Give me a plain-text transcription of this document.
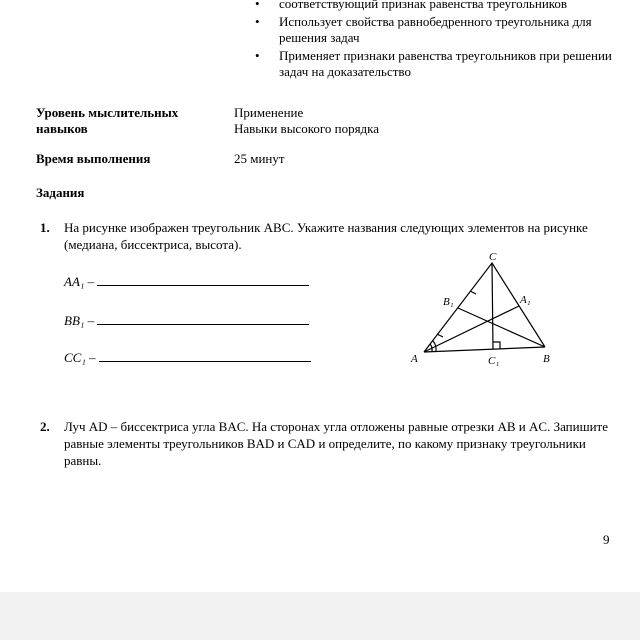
• соответствующий признак равенства треугольников
• Использует свойства равнобедренного треугольника для решения задач
• Применяет признаки равенства треугольников при решении задач на доказательство
Уровень мыслительных
навыков
Применение
Навыки высокого порядка
Время выполнения	25 минут
Задания
1. На рисунке изображен треугольник ABC. Укажите названия следующих элементов на рисунке (медиана, биссектриса, высота).
AA₁ –
BB₁ –
CC₁ –
C
A	B
A₁
B₁
C₁
2. Луч AD – биссектриса угла BAC. На сторонах угла отложены равные отрезки AB и AC. Запишите равные элементы треугольников BAD и CAD и определите, по какому признаку треугольники равны.
9
